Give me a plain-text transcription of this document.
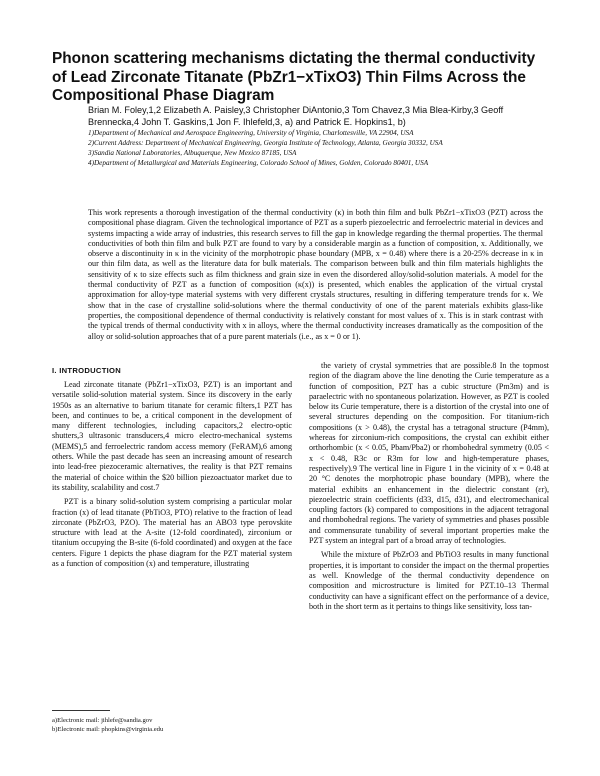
Phonon scattering mechanisms dictating the thermal conductivity of Lead Zirconate Titanate (PbZr1−xTixO3) Thin Films Across the Compositional Phase Diagram
Brian M. Foley,1,2 Elizabeth A. Paisley,3 Christopher DiAntonio,3 Tom Chavez,3 Mia Blea-Kirby,3 Geoff Brennecka,4 John T. Gaskins,1 Jon F. Ihlefeld,3, a) and Patrick E. Hopkins1, b)
1)Department of Mechanical and Aerospace Engineering, University of Virginia, Charlottesville, VA 22904, USA
2)Current Address: Department of Mechanical Engineering, Georgia Institute of Technology, Atlanta, Georgia 30332, USA
3)Sandia National Laboratories, Albuquerque, New Mexico 87185, USA
4)Department of Metallurgical and Materials Engineering, Colorado School of Mines, Golden, Colorado 80401, USA
This work represents a thorough investigation of the thermal conductivity (κ) in both thin film and bulk PbZr1−xTixO3 (PZT) across the compositional phase diagram. Given the technological importance of PZT as a superb piezoelectric and ferroelectric material in devices and systems impacting a wide array of industries, this research serves to fill the gap in knowledge regarding the thermal properties. The thermal conductivities of both thin film and bulk PZT are found to vary by a considerable margin as a function of composition, x. Additionally, we observe a discontinuity in κ in the vicinity of the morphotropic phase boundary (MPB, x = 0.48) where there is a 20-25% decrease in κ in our thin film data, as well as the literature data for bulk materials. The comparison between bulk and thin film materials highlights the sensitivity of κ to size effects such as film thickness and grain size in even the disordered alloy/solid-solution materials. A model for the thermal conductivity of PZT as a function of composition (κ(x)) is presented, which enables the application of the virtual crystal approximation for alloy-type material systems with very different crystals structures, resulting in differing temperature trends for κ. We show that in the case of crystalline solid-solutions where the thermal conductivity of one of the parent materials exhibits glass-like properties, the compositional dependence of thermal conductivity is relatively constant for most values of x. This is in stark contrast with the typical trends of thermal conductivity with x in alloys, where the thermal conductivity increases dramatically as the composition of the alloy or solid-solution approaches that of a pure parent materials (i.e., as x = 0 or 1).
I. INTRODUCTION

Lead zirconate titanate (PbZr1−xTixO3, PZT) is an important and versatile solid-solution material system. Since its discovery in the early 1950s as an alternative to barium titanate for ceramic filters,1 PZT has been, and continues to be, a critical component in the development of many different technologies, including capacitors,2 electro-optic shutters,3 ultrasonic transducers,4 micro electro-mechanical systems (MEMS),5 and ferroelectric random access memory (FeRAM),6 among others. While the past decade has seen an increasing amount of research into lead-free piezoceramic alternatives, the reality is that PZT remains the material of choice within the $20 billion piezoactuator market due to its stability, scalability and cost.7

PZT is a binary solid-solution system comprising a particular molar fraction (x) of lead titanate (PbTiO3, PTO) relative to the fraction of lead zirconate (PbZrO3, PZO). The material has an ABO3 type perovskite structure with lead at the A-site (12-fold coordinated), zirconium or titanium occupying the B-site (6-fold coordinated) and oxygen at the face centers. Figure 1 depicts the phase diagram for the PZT material system as a function of composition (x) and temperature, illustrating

the variety of crystal symmetries that are possible.8 In the topmost region of the diagram above the line denoting the Curie temperature as a function of composition, PZT has a cubic structure (Pm3m) and is paraelectric with no spontaneous polarization. However, as PZT is cooled below its Curie temperature, there is a distortion of the crystal into one of several structures depending on the composition. For titanium-rich compositions (x > 0.48), the crystal has a tetragonal structure (P4mm), whereas for zirconium-rich compositions, the crystal can exhibit either orthorhombic (x < 0.05, Pbam/Pba2) or rhombohedral symmetry (0.05 < x < 0.48, R3c or R3m for low and high-temperature phases, respectively).9 The vertical line in Figure 1 in the vicinity of x = 0.48 at 20 °C denotes the morphotropic phase boundary (MPB), where the material exhibits an enhancement in the dielectric constant (εr), piezoelectric strain coefficients (d33, d15, d31), and electromechanical coupling factors (k) compared to compositions in the adjacent tetragonal and rhombohedral regions. The variety of symmetries and phases possible and commensurate tunability of several important properties make the PZT system an integral part of a broad array of technologies.

While the mixture of PbZrO3 and PbTiO3 results in many functional properties, it is important to consider the impact on the thermal properties as well. Knowledge of the thermal conductivity dependence on composition and microstructure is limited for PZT.10–13 Thermal conductivity can have a significant effect on the performance of a device, both in the short term as it pertains to things like sensitivity, loss tan-

a)Electronic mail: jihlefe@sandia.gov
b)Electronic mail: phopkins@virginia.edu
